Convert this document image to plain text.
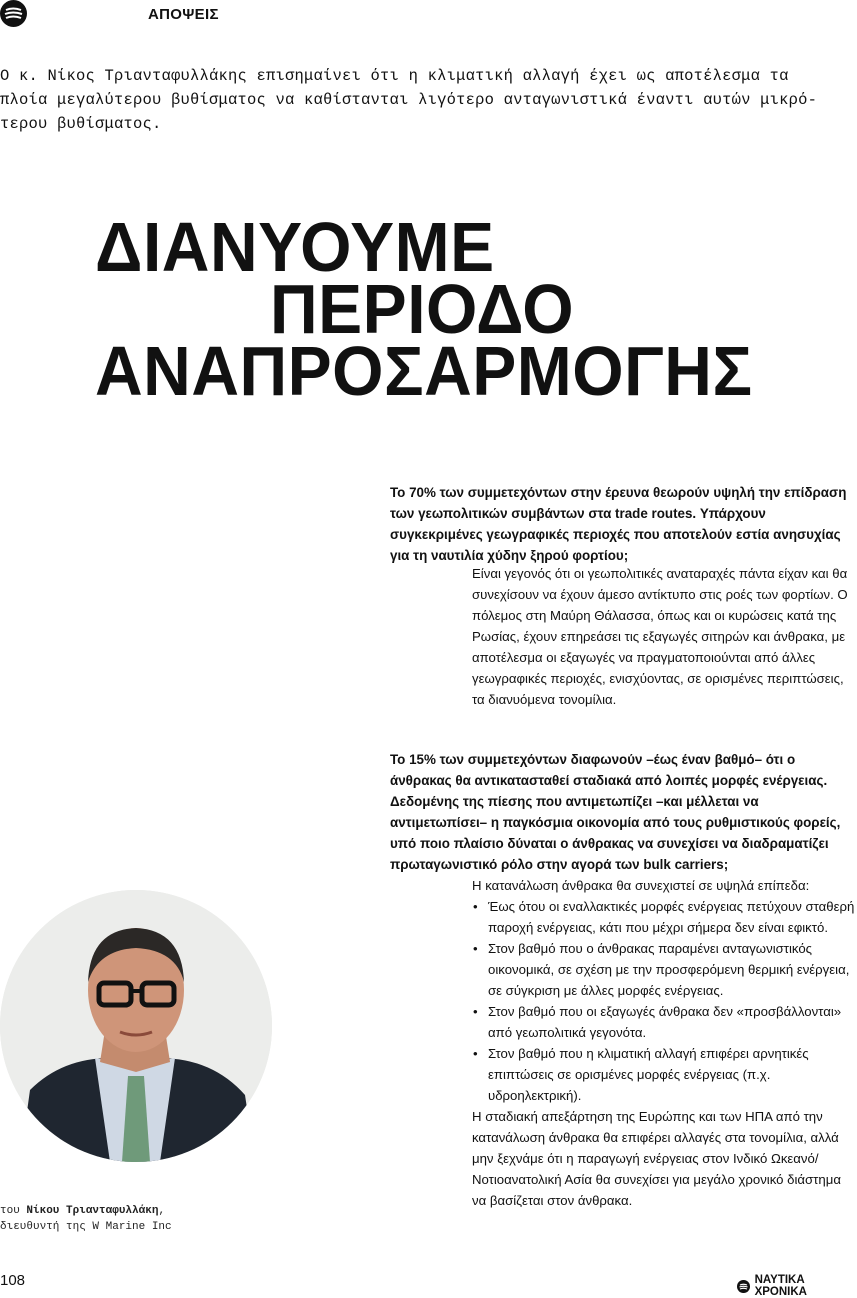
ΑΠΟΨΕΙΣ
Ο κ. Νίκος Τριανταφυλλάκης επισημαίνει ότι η κλιματική αλλαγή έχει ως αποτέλεσμα τα
πλοία μεγαλύτερου βυθίσματος να καθίστανται λιγότερο ανταγωνιστικά έναντι αυτών μικρό-
τερου βυθίσματος.
ΔΙΑΝΥΟΥΜΕ
ΠΕΡΙΟΔΟ
ΑΝΑΠΡΟΣΑΡΜΟΓΗΣ
Το 70% των συμμετεχόντων στην έρευνα θεωρούν υψηλή την επίδραση των γεωπολιτικών συμβάντων στα trade routes. Υπάρχουν συγκεκριμένες γεωγραφικές περιοχές που αποτελούν εστία ανησυχίας για τη ναυτιλία χύδην ξηρού φορτίου;
Είναι γεγονός ότι οι γεωπολιτικές αναταραχές πάντα είχαν και θα συνεχίσουν να έχουν άμεσο αντίκτυπο στις ροές των φορτίων. Ο πόλεμος στη Μαύρη Θάλασσα, όπως και οι κυρώσεις κατά της Ρωσίας, έχουν επηρεάσει τις εξαγωγές σιτηρών και άνθρακα, με αποτέλεσμα οι εξαγωγές να πραγματοποιούνται από άλλες γεωγραφικές περιοχές, ενισχύοντας, σε ορισμένες περιπτώσεις, τα διανυόμενα τονομίλια.
Το 15% των συμμετεχόντων διαφωνούν –έως έναν βαθμό– ότι ο άνθρακας θα αντικατασταθεί σταδιακά από λοιπές μορφές ενέργειας. Δεδομένης της πίεσης που αντιμετωπίζει –και μέλλεται να αντιμετωπίσει– η παγκόσμια οικονομία από τους ρυθμιστικούς φορείς, υπό ποιο πλαίσιο δύναται ο άνθρακας να συνεχίσει να διαδραματίζει πρωταγωνιστικό ρόλο στην αγορά των bulk carriers;
Η κατανάλωση άνθρακα θα συνεχιστεί σε υψηλά επίπεδα:
• Έως ότου οι εναλλακτικές μορφές ενέργειας πετύχουν σταθερή παροχή ενέργειας, κάτι που μέχρι σήμερα δεν είναι εφικτό.
• Στον βαθμό που ο άνθρακας παραμένει ανταγωνιστικός οικονομικά, σε σχέση με την προσφερόμενη θερμική ενέργεια, σε σύγκριση με άλλες μορφές ενέργειας.
• Στον βαθμό που οι εξαγωγές άνθρακα δεν «προσβάλλονται» από γεωπολιτικά γεγονότα.
• Στον βαθμό που η κλιματική αλλαγή επιφέρει αρνητικές επιπτώσεις σε ορισμένες μορφές ενέργειας (π.χ. υδροηλεκτρική).
Η σταδιακή απεξάρτηση της Ευρώπης και των ΗΠΑ από την κατανάλωση άνθρακα θα επιφέρει αλλαγές στα τονομίλια, αλλά μην ξεχνάμε ότι η παραγωγή ενέργειας στον Ινδικό Ωκεανό/Νοτιοανατολική Ασία θα συνεχίσει για μεγάλο χρονικό διάστημα να βασίζεται στον άνθρακα.
του Νίκου Τριανταφυλλάκη,
διευθυντή της W Marine Inc
108	ΝΑΥΤΙΚΑ ΧΡΟΝΙΚΑ
